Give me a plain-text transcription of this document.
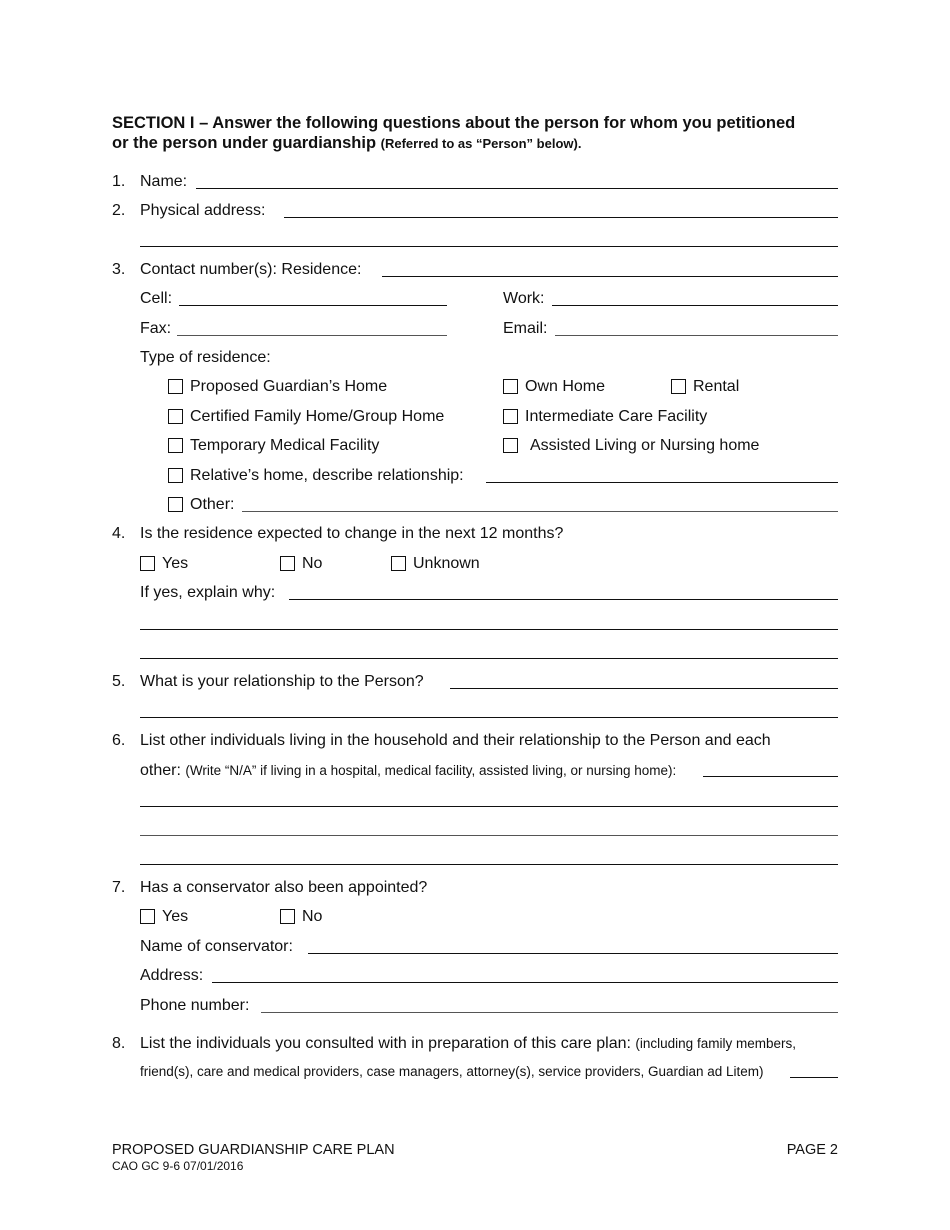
SECTION I – Answer the following questions about the person for whom you petitioned
or the person under guardianship (Referred to as “Person” below).
1. Name:
2. Physical address:
3. Contact number(s): Residence:
Cell:	Work:
Fax:	Email:
Type of residence:
Proposed Guardian’s Home	Own Home	Rental
Certified Family Home/Group Home	Intermediate Care Facility
Temporary Medical Facility	Assisted Living or Nursing home
Relative’s home, describe relationship:
Other:
4. Is the residence expected to change in the next 12 months?
Yes	No	Unknown
If yes, explain why:
5. What is your relationship to the Person?
6. List other individuals living in the household and their relationship to the Person and each
other: (Write “N/A” if living in a hospital, medical facility, assisted living, or nursing home):
7. Has a conservator also been appointed?
Yes	No
Name of conservator:
Address:
Phone number:
8. List the individuals you consulted with in preparation of this care plan: (including family members,
friend(s), care and medical providers, case managers, attorney(s), service providers, Guardian ad Litem)
PROPOSED GUARDIANSHIP CARE PLAN
CAO GC 9-6 07/01/2016
PAGE 2
